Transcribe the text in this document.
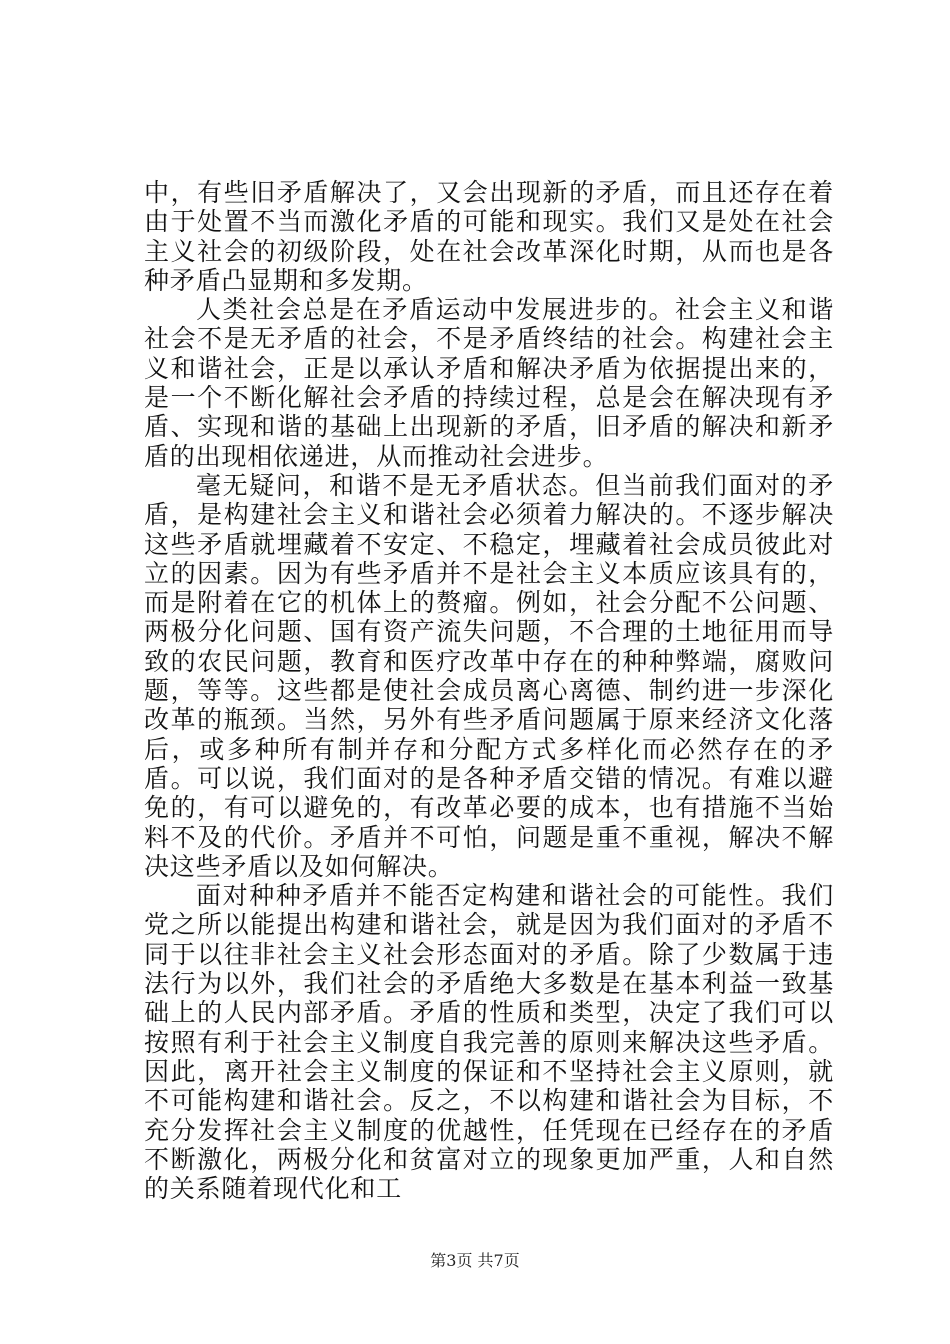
中，有些旧矛盾解决了，又会出现新的矛盾，而且还存在着由于处置不当而激化矛盾的可能和现实。我们又是处在社会主义社会的初级阶段，处在社会改革深化时期，从而也是各种矛盾凸显期和多发期。

人类社会总是在矛盾运动中发展进步的。社会主义和谐社会不是无矛盾的社会，不是矛盾终结的社会。构建社会主义和谐社会，正是以承认矛盾和解决矛盾为依据提出来的，是一个不断化解社会矛盾的持续过程，总是会在解决现有矛盾、实现和谐的基础上出现新的矛盾，旧矛盾的解决和新矛盾的出现相依递进，从而推动社会进步。

毫无疑问，和谐不是无矛盾状态。但当前我们面对的矛盾，是构建社会主义和谐社会必须着力解决的。不逐步解决这些矛盾就埋藏着不安定、不稳定，埋藏着社会成员彼此对立的因素。因为有些矛盾并不是社会主义本质应该具有的，而是附着在它的机体上的赘瘤。例如，社会分配不公问题、两极分化问题、国有资产流失问题，不合理的土地征用而导致的农民问题，教育和医疗改革中存在的种种弊端，腐败问题，等等。这些都是使社会成员离心离德、制约进一步深化改革的瓶颈。当然，另外有些矛盾问题属于原来经济文化落后，或多种所有制并存和分配方式多样化而必然存在的矛盾。可以说，我们面对的是各种矛盾交错的情况。有难以避免的，有可以避免的，有改革必要的成本，也有措施不当始料不及的代价。矛盾并不可怕，问题是重不重视，解决不解决这些矛盾以及如何解决。

面对种种矛盾并不能否定构建和谐社会的可能性。我们党之所以能提出构建和谐社会，就是因为我们面对的矛盾不同于以往非社会主义社会形态面对的矛盾。除了少数属于违法行为以外，我们社会的矛盾绝大多数是在基本利益一致基础上的人民内部矛盾。矛盾的性质和类型，决定了我们可以按照有利于社会主义制度自我完善的原则来解决这些矛盾。因此，离开社会主义制度的保证和不坚持社会主义原则，就不可能构建和谐社会。反之，不以构建和谐社会为目标，不充分发挥社会主义制度的优越性，任凭现在已经存在的矛盾不断激化，两极分化和贫富对立的现象更加严重，人和自然的关系随着现代化和工

第3页 共7页
